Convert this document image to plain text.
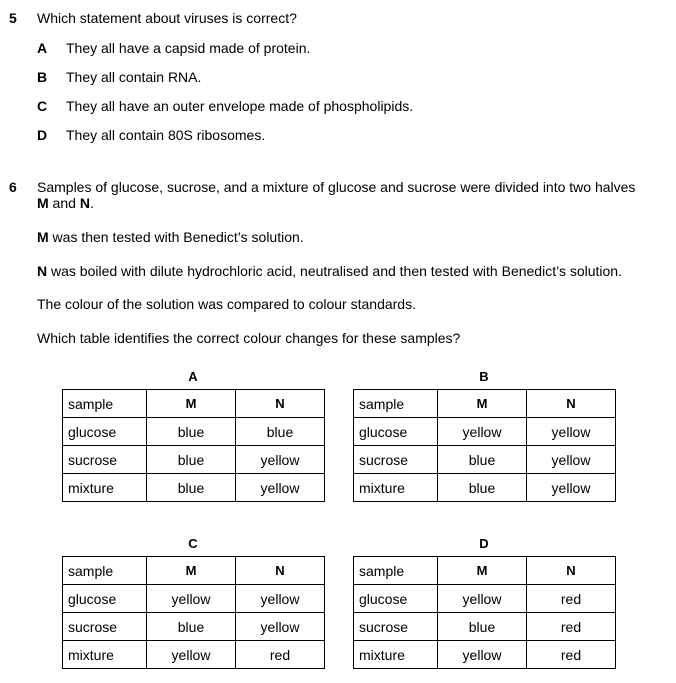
5 Which statement about viruses is correct?
A They all have a capsid made of protein.
B They all contain RNA.
C They all have an outer envelope made of phospholipids.
D They all contain 80S ribosomes.
6 Samples of glucose, sucrose, and a mixture of glucose and sucrose were divided into two halves
M and N.
M was then tested with Benedict’s solution.
N was boiled with dilute hydrochloric acid, neutralised and then tested with Benedict’s solution.
The colour of the solution was compared to colour standards.
Which table identifies the correct colour changes for these samples?
A
sample	M	N
glucose	blue	blue
sucrose	blue	yellow
mixture	blue	yellow
B
sample	M	N
glucose	yellow	yellow
sucrose	blue	yellow
mixture	blue	yellow
C
sample	M	N
glucose	yellow	yellow
sucrose	blue	yellow
mixture	yellow	red
D
sample	M	N
glucose	yellow	red
sucrose	blue	red
mixture	yellow	red
